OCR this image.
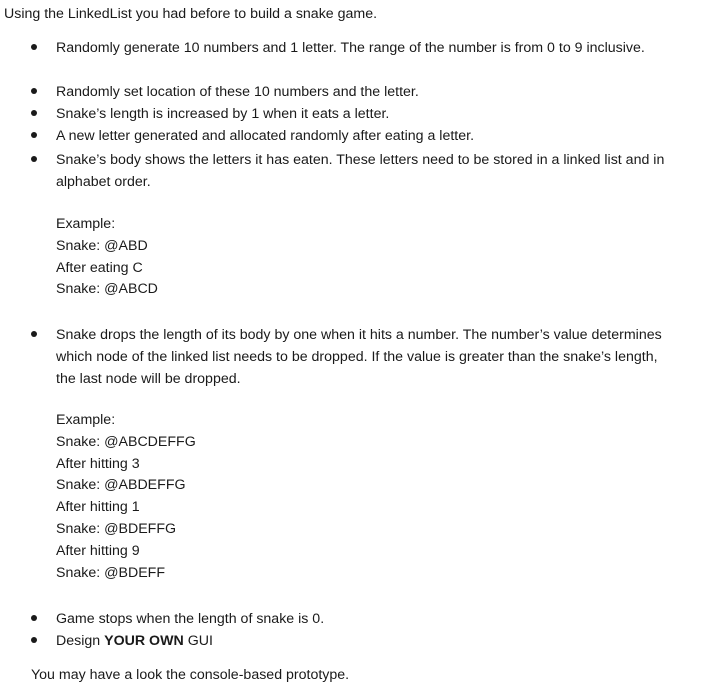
Using the LinkedList you had before to build a snake game.

Randomly generate 10 numbers and 1 letter. The range of the number is from 0 to 9 inclusive.

Randomly set location of these 10 numbers and the letter.

Snake’s length is increased by 1 when it eats a letter.

A new letter generated and allocated randomly after eating a letter.

Snake’s body shows the letters it has eaten. These letters need to be stored in a linked list and in alphabet order.

Example:
Snake: @ABD
After eating C
Snake: @ABCD

Snake drops the length of its body by one when it hits a number. The number’s value determines which node of the linked list needs to be dropped. If the value is greater than the snake’s length, the last node will be dropped.

Example:
Snake: @ABCDEFFG
After hitting 3
Snake: @ABDEFFG
After hitting 1
Snake: @BDEFFG
After hitting 9
Snake: @BDEFF

Game stops when the length of snake is 0.

Design YOUR OWN GUI

You may have a look the console-based prototype.
